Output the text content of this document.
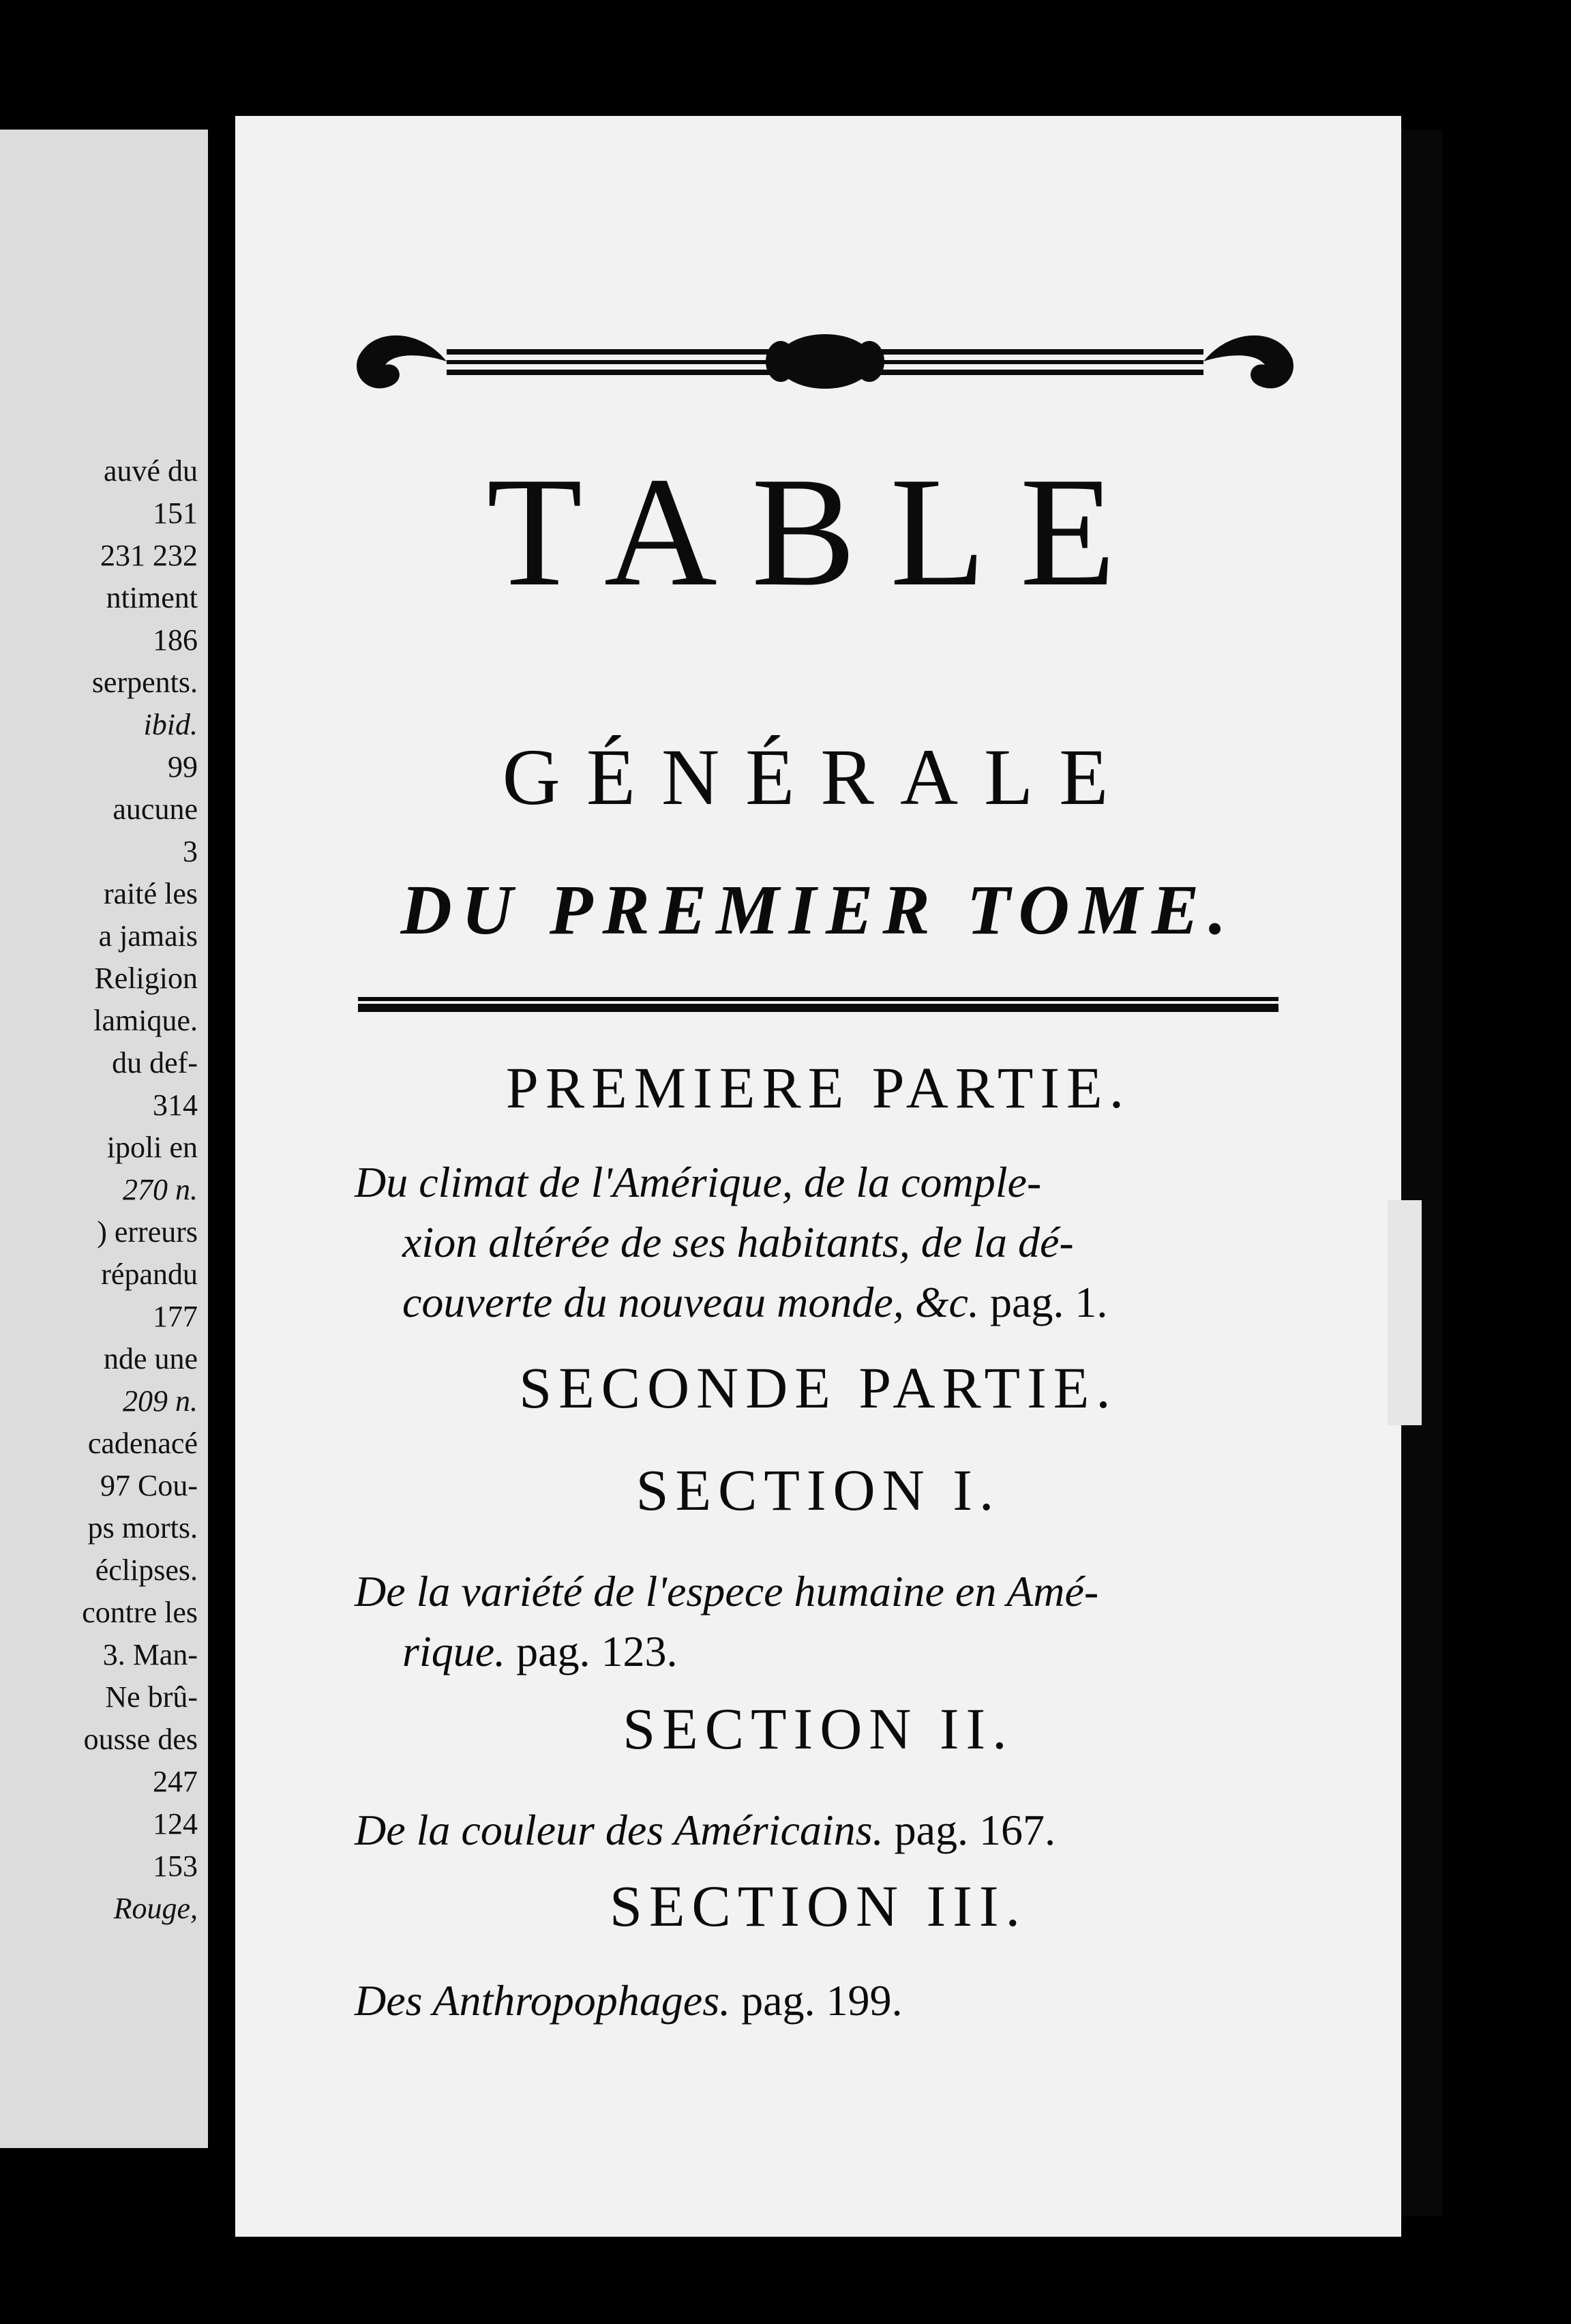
auvé du
151
231 232
ntiment
186
serpents.
ibid.
99
aucune
3
raité les
a jamais
Religion
lamique.
du def-
314
ipoli en
270 n.
) erreurs
répandu
177
nde une
209 n.
cadenacé
97 Cou-
ps morts.
éclipses.
contre les
3. Man-
Ne brû-
ousse des
247
124
153
Rouge,
TABLE
GÉNÉRALE
DU PREMIER TOME.
PREMIERE PARTIE.
Du climat de l'Amérique, de la comple-

xion altérée de ses habitants, de la dé-
couverte du nouveau monde, &c. pag. 1.
SECONDE PARTIE.
SECTION I.
De la variété de l'espece humaine en Amé-

rique. pag. 123.
SECTION II.
De la couleur des Américains. pag. 167.
SECTION III.
Des Anthropophages. pag. 199.
